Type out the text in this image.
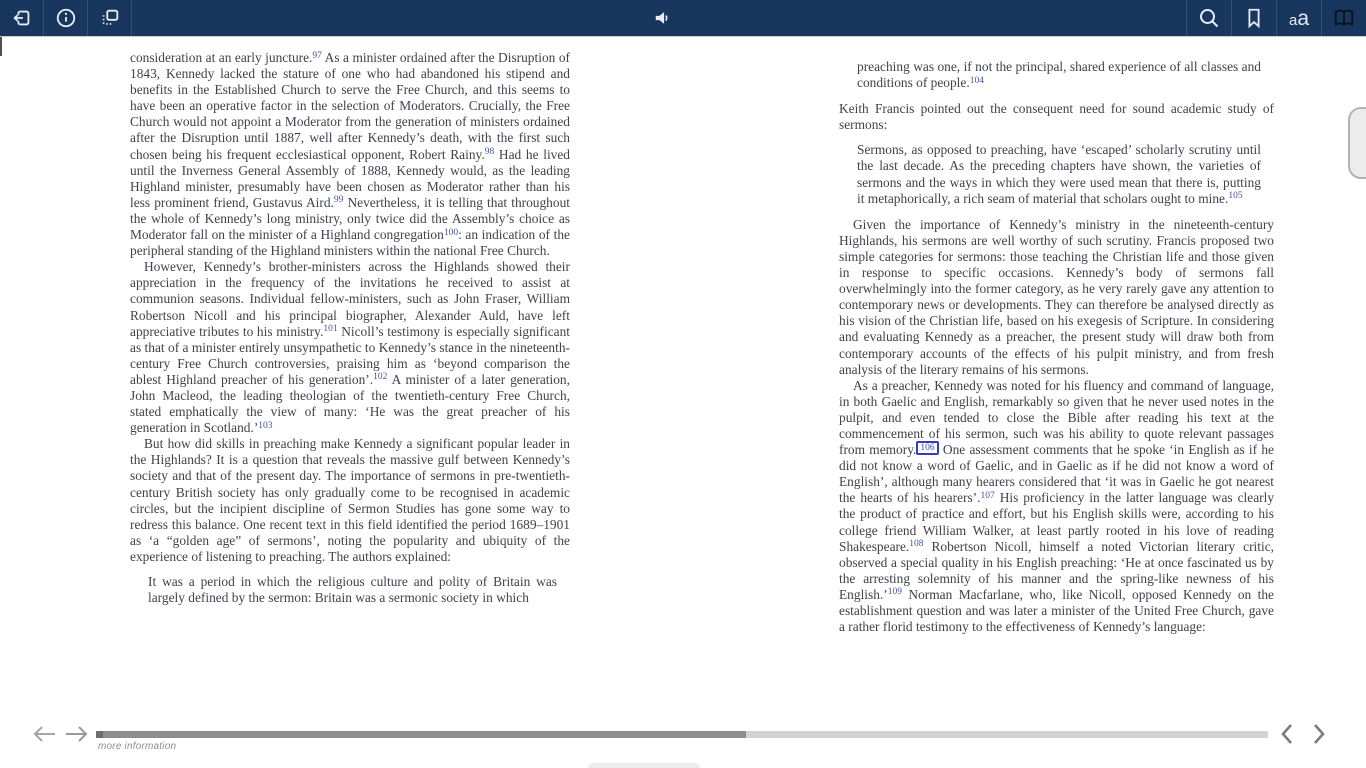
aa

consideration at an early juncture.$^{97}$ As a minister ordained after the Disruption of 1843, Kennedy lacked the stature of one who had abandoned his stipend and benefits in the Established Church to serve the Free Church, and this seems to have been an operative factor in the selection of Moderators. Crucially, the Free Church would not appoint a Moderator from the generation of ministers ordained after the Disruption until 1887, well after Kennedy’s death, with the first such chosen being his frequent ecclesiastical opponent, Robert Rainy.$^{98}$ Had he lived until the Inverness General Assembly of 1888, Kennedy would, as the leading Highland minister, presumably have been chosen as Moderator rather than his less prominent friend, Gustavus Aird.$^{99}$ Nevertheless, it is telling that throughout the whole of Kennedy’s long ministry, only twice did the Assembly’s choice as Moderator fall on the minister of a Highland congregation$^{100}$: an indication of the peripheral standing of the Highland ministers within the national Free Church.

However, Kennedy’s brother-ministers across the Highlands showed their appreciation in the frequency of the invitations he received to assist at communion seasons. Individual fellow-ministers, such as John Fraser, William Robertson Nicoll and his principal biographer, Alexander Auld, have left appreciative tributes to his ministry.$^{101}$ Nicoll’s testimony is especially significant as that of a minister entirely unsympathetic to Kennedy’s stance in the nineteenth-century Free Church controversies, praising him as ‘beyond comparison the ablest Highland preacher of his generation’.$^{102}$ A minister of a later generation, John Macleod, the leading theologian of the twentieth-century Free Church, stated emphatically the view of many: ‘He was the great preacher of his generation in Scotland.’$^{103}$

But how did skills in preaching make Kennedy a significant popular leader in the Highlands? It is a question that reveals the massive gulf between Kennedy’s society and that of the present day. The importance of sermons in pre-twentieth-century British society has only gradually come to be recognised in academic circles, but the incipient discipline of Sermon Studies has gone some way to redress this balance. One recent text in this field identified the period 1689–1901 as ‘a “golden age” of sermons’, noting the popularity and ubiquity of the experience of listening to preaching. The authors explained:

It was a period in which the religious culture and polity of Britain was largely defined by the sermon: Britain was a sermonic society in which

preaching was one, if not the principal, shared experience of all classes and conditions of people.$^{104}$

Keith Francis pointed out the consequent need for sound academic study of sermons:

Sermons, as opposed to preaching, have ‘escaped’ scholarly scrutiny until the last decade. As the preceding chapters have shown, the varieties of sermons and the ways in which they were used mean that there is, putting it metaphorically, a rich seam of material that scholars ought to mine.$^{105}$

Given the importance of Kennedy’s ministry in the nineteenth-century Highlands, his sermons are well worthy of such scrutiny. Francis proposed two simple categories for sermons: those teaching the Christian life and those given in response to specific occasions. Kennedy’s body of sermons fall overwhelmingly into the former category, as he very rarely gave any attention to contemporary news or developments. They can therefore be analysed directly as his vision of the Christian life, based on his exegesis of Scripture. In considering and evaluating Kennedy as a preacher, the present study will draw both from contemporary accounts of the effects of his pulpit ministry, and from fresh analysis of the literary remains of his sermons.

As a preacher, Kennedy was noted for his fluency and command of language, in both Gaelic and English, remarkably so given that he never used notes in the pulpit, and even tended to close the Bible after reading his text at the commencement of his sermon, such was his ability to quote relevant passages from memory. $^{106}$ One assessment comments that he spoke ‘in English as if he did not know a word of Gaelic, and in Gaelic as if he did not know a word of English’, although many hearers considered that ‘it was in Gaelic he got nearest the hearts of his hearers’.$^{107}$ His proficiency in the latter language was clearly the product of practice and effort, but his English skills were, according to his college friend William Walker, at least partly rooted in his love of reading Shakespeare.$^{108}$ Robertson Nicoll, himself a noted Victorian literary critic, observed a special quality in his English preaching: ‘He at once fascinated us by the arresting solemnity of his manner and the spring-like newness of his English.’$^{109}$ Norman Macfarlane, who, like Nicoll, opposed Kennedy on the establishment question and was later a minister of the United Free Church, gave a rather florid testimony to the effectiveness of Kennedy’s language:

more information
